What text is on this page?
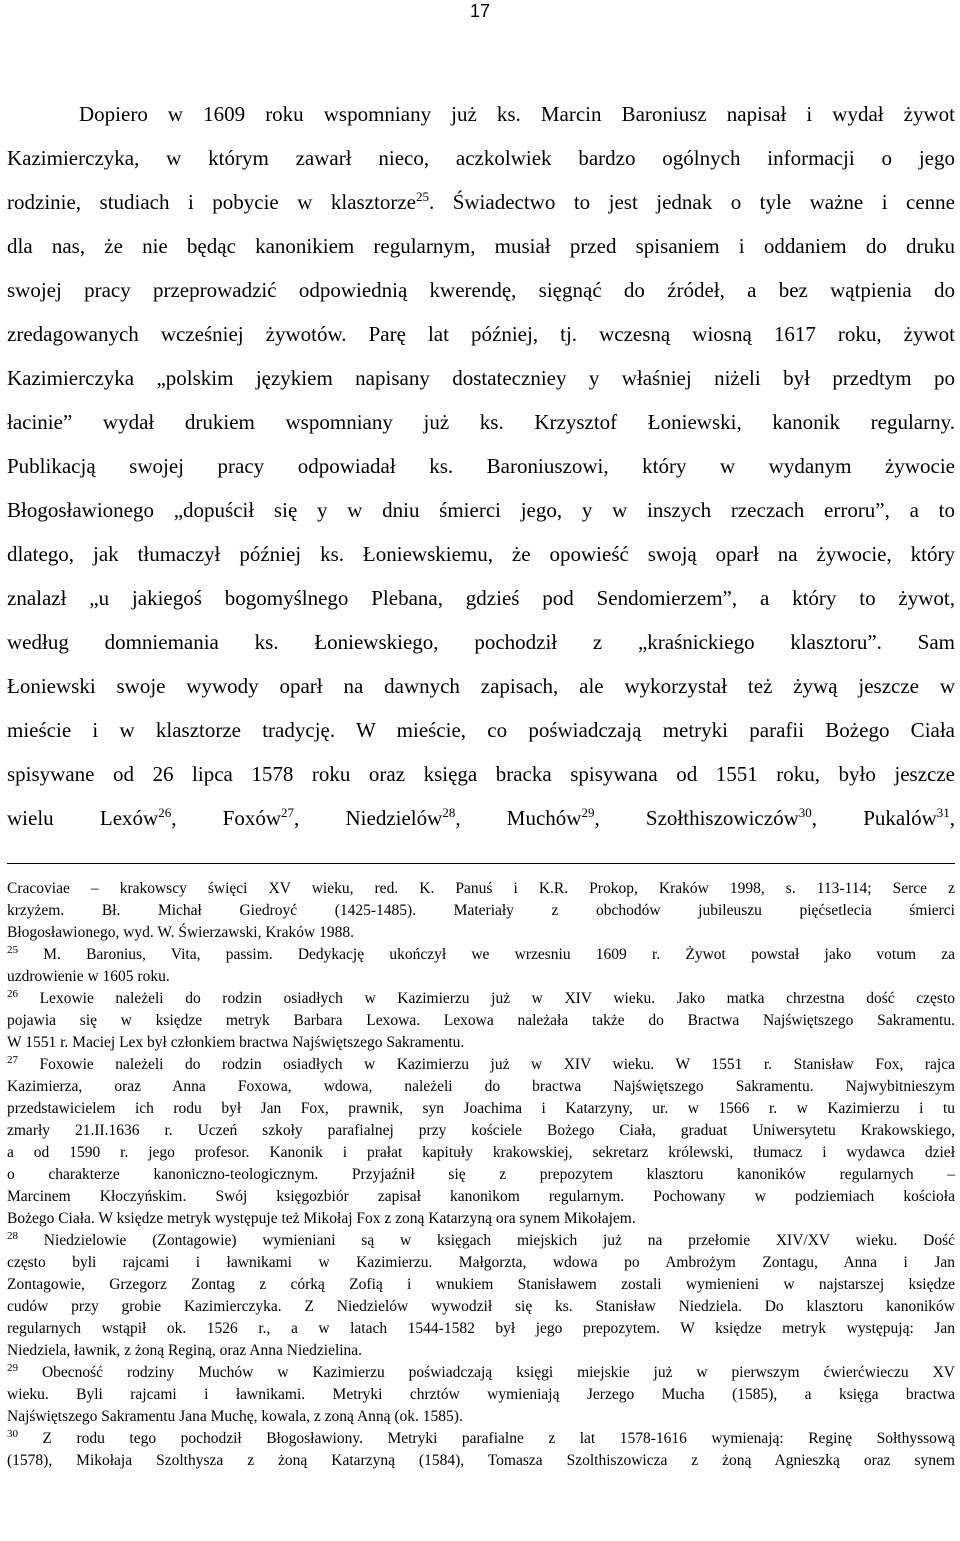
17
Dopiero w 1609 roku wspomniany już ks. Marcin Baroniusz napisał i wydał żywot
Kazimierczyka, w którym zawarł nieco, aczkolwiek bardzo ogólnych informacji o jego
rodzinie, studiach i pobycie w klasztorze$^{25}$. Świadectwo to jest jednak o tyle ważne i cenne
dla nas, że nie będąc kanonikiem regularnym, musiał przed spisaniem i oddaniem do druku
swojej pracy przeprowadzić odpowiednią kwerendę, sięgnąć do źródeł, a bez wątpienia do
zredagowanych wcześniej żywotów. Parę lat później, tj. wczesną wiosną 1617 roku, żywot
Kazimierczyka „polskim językiem napisany dostateczniey y właśniej niżeli był przedtym po
łacinie” wydał drukiem wspomniany już ks. Krzysztof Łoniewski, kanonik regularny.
Publikacją swojej pracy odpowiadał ks. Baroniuszowi, który w wydanym żywocie
Błogosławionego „dopuścił się y w dniu śmierci jego, y w inszych rzeczach erroru”, a to
dlatego, jak tłumaczył później ks. Łoniewskiemu, że opowieść swoją oparł na żywocie, który
znalazł „u jakiegoś bogomyślnego Plebana, gdzieś pod Sendomierzem”, a który to żywot,
według domniemania ks. Łoniewskiego, pochodził z „kraśnickiego klasztoru”. Sam
Łoniewski swoje wywody oparł na dawnych zapisach, ale wykorzystał też żywą jeszcze w
mieście i w klasztorze tradycję. W mieście, co poświadczają metryki parafii Bożego Ciała
spisywane od 26 lipca 1578 roku oraz księga bracka spisywana od 1551 roku, było jeszcze
wielu Lexów$^{26}$, Foxów$^{27}$, Niedzielów$^{28}$, Muchów$^{29}$, Szołthiszowiczów$^{30}$, Pukalów$^{31}$,
Cracoviae – krakowscy święci XV wieku, red. K. Panuś i K.R. Prokop, Kraków 1998, s. 113-114; Serce z
krzyżem. Bł. Michał Giedroyć (1425-1485). Materiały z obchodów jubileuszu pięćsetlecia śmierci
Błogosławionego, wyd. W. Świerzawski, Kraków 1988.
$^{25}$ M. Baronius, Vita, passim. Dedykację ukończył we wrzesniu 1609 r. Żywot powstał jako votum za
uzdrowienie w 1605 roku.
$^{26}$ Lexowie należeli do rodzin osiadłych w Kazimierzu już w XIV wieku. Jako matka chrzestna dość często
pojawia się w księdze metryk Barbara Lexowa. Lexowa należała także do Bractwa Najświętszego Sakramentu.
W 1551 r. Maciej Lex był członkiem bractwa Najświętszego Sakramentu.
$^{27}$ Foxowie należeli do rodzin osiadłych w Kazimierzu już w XIV wieku. W 1551 r. Stanisław Fox, rajca
Kazimierza, oraz Anna Foxowa, wdowa, należeli do bractwa Najświętszego Sakramentu. Najwybitnieszym
przedstawicielem ich rodu był Jan Fox, prawnik, syn Joachima i Katarzyny, ur. w 1566 r. w Kazimierzu i tu
zmarły 21.II.1636 r. Uczeń szkoły parafialnej przy kościele Bożego Ciała, graduat Uniwersytetu Krakowskiego,
a od 1590 r. jego profesor. Kanonik i prałat kapituły krakowskiej, sekretarz królewski, tłumacz i wydawca dzieł
o charakterze kanoniczno-teologicznym. Przyjaźnił się z prepozytem klasztoru kanoników regularnych –
Marcinem Kłoczyńskim. Swój księgozbiór zapisał kanonikom regularnym. Pochowany w podziemiach kościoła
Bożego Ciała. W księdze metryk występuje też Mikołaj Fox z zoną Katarzyną ora synem Mikołajem.
$^{28}$ Niedzielowie (Zontagowie) wymieniani są w księgach miejskich już na przełomie XIV/XV wieku. Dość
często byli rajcami i ławnikami w Kazimierzu. Małgorzta, wdowa po Ambrożym Zontagu, Anna i Jan
Zontagowie, Grzegorz Zontag z córką Zofią i wnukiem Stanisławem zostali wymienieni w najstarszej księdze
cudów przy grobie Kazimierczyka. Z Niedzielów wywodził się ks. Stanisław Niedziela. Do klasztoru kanoników
regularnych wstąpił ok. 1526 r., a w latach 1544-1582 był jego prepozytem. W księdze metryk występują: Jan
Niedziela, ławnik, z żoną Reginą, oraz Anna Niedzielina.
$^{29}$ Obecność rodziny Muchów w Kazimierzu poświadczają księgi miejskie już w pierwszym ćwierćwieczu XV
wieku. Byli rajcami i ławnikami. Metryki chrztów wymieniają Jerzego Mucha (1585), a księga bractwa
Najświętszego Sakramentu Jana Muchę, kowala, z zoną Anną (ok. 1585).
$^{30}$ Z rodu tego pochodził Błogosławiony. Metryki parafialne z lat 1578-1616 wymienają: Reginę Sołthyssową
(1578), Mikołaja Szolthysza z żoną Katarzyną (1584), Tomasza Szolthiszowicza z żoną Agnieszką oraz synem
